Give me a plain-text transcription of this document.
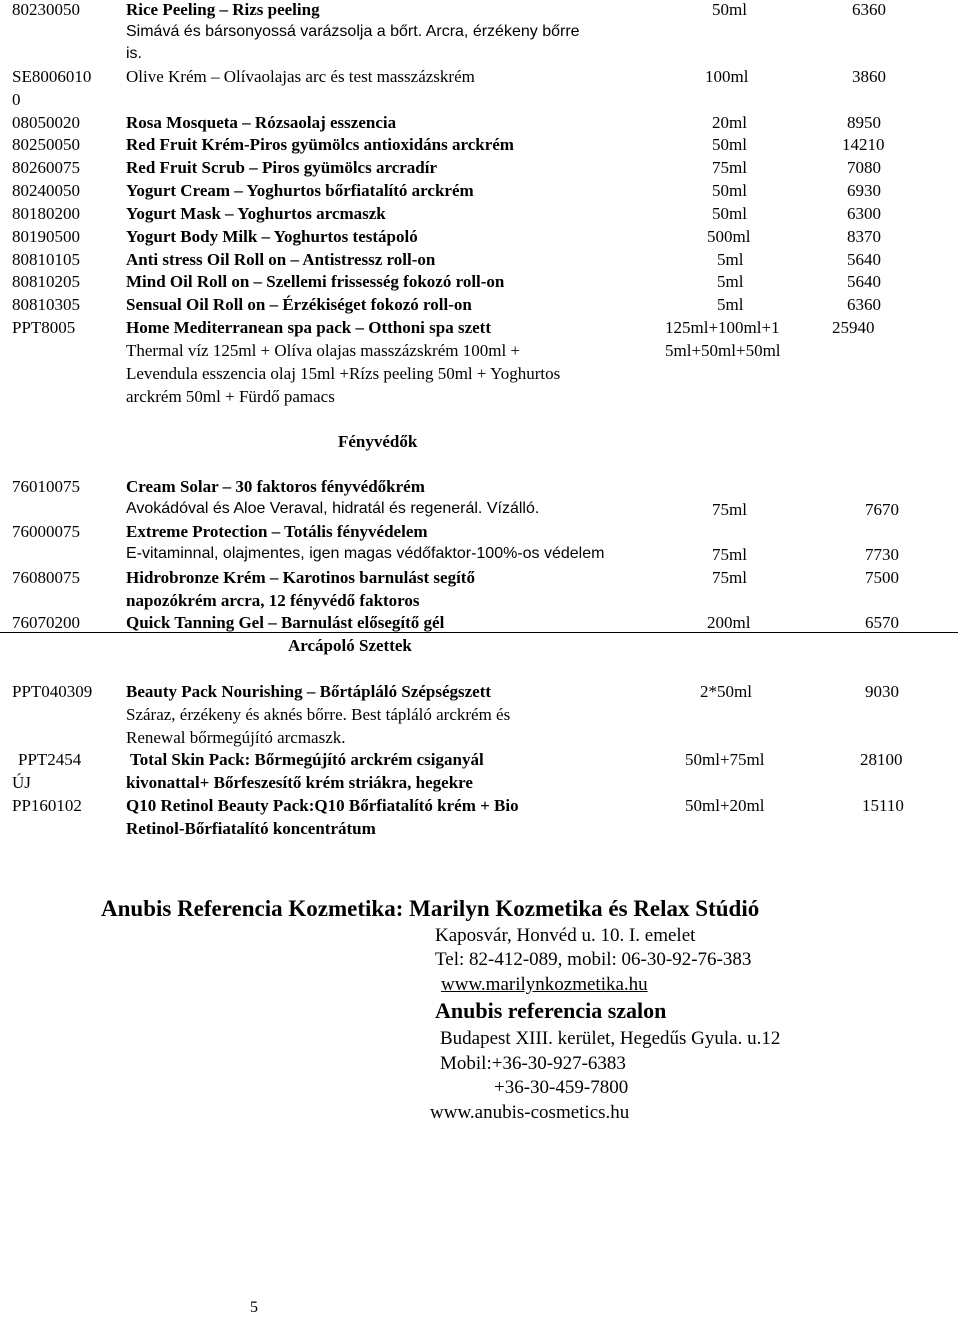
80230050	Rice Peeling – Rizs peeling	50ml	6360
Simává és bársonyossá varázsolja a bőrt. Arcra, érzékeny bőrre
is.
SE8006010 Olive Krém – Olívaolajas arc és test masszázskrém	100ml	3860
0
08050020	Rosa Mosqueta – Rózsaolaj esszencia	20ml	8950
80250050	Red Fruit Krém-Piros gyümölcs antioxidáns arckrém	50ml	14210
80260075	Red Fruit Scrub – Piros gyümölcs arcradír	75ml	7080
80240050	Yogurt Cream – Yoghurtos bőrfiatalító arckrém	50ml	6930
80180200	Yogurt Mask – Yoghurtos arcmaszk	50ml	6300
80190500	Yogurt Body Milk – Yoghurtos testápoló	500ml	8370
80810105	Anti stress Oil Roll on – Antistressz roll-on	5ml	5640
80810205	Mind Oil Roll on – Szellemi frissesség fokozó roll-on	5ml	5640
80810305	Sensual Oil Roll on – Érzékiséget fokozó roll-on	5ml	6360
PPT8005	Home Mediterranean spa pack – Otthoni spa szett	125ml+100ml+1	25940
Thermal víz 125ml + Olíva olajas masszázskrém 100ml +	5ml+50ml+50ml
Levendula esszencia olaj 15ml +Rízs peeling 50ml + Yoghurtos
arckrém 50ml + Fürdő pamacs
Fényvédők
76010075	Cream Solar – 30 faktoros fényvédőkrém
Avokádóval és Aloe Veraval, hidratál és regenerál. Vízálló.	75ml	7670
76000075	Extreme Protection – Totális fényvédelem
E-vitaminnal, olajmentes, igen magas védőfaktor-100%-os védelem	75ml	7730
76080075	Hidrobronze Krém – Karotinos barnulást segítő	75ml	7500
napozókrém arcra, 12 fényvédő faktoros
76070200	Quick Tanning Gel – Barnulást elősegítő gél	200ml	6570
Arcápoló Szettek
PPT040309 Beauty Pack Nourishing – Bőrtápláló Szépségszett	2*50ml	9030
Száraz, érzékeny és aknés bőrre. Best tápláló arckrém és
Renewal bőrmegújító arcmaszk.
PPT2454	Total Skin Pack: Bőrmegújító arckrém csiganyál	50ml+75ml	28100
ÚJ	kivonattal+ Bőrfeszesítő krém striákra, hegekre
PP160102	Q10 Retinol Beauty Pack:Q10 Bőrfiatalító krém + Bio	50ml+20ml	15110
Retinol-Bőrfiatalító koncentrátum
Anubis Referencia Kozmetika: Marilyn Kozmetika és Relax Stúdió
Kaposvár, Honvéd u. 10. I. emelet
Tel: 82-412-089, mobil: 06-30-92-76-383
www.marilynkozmetika.hu
Anubis referencia szalon
Budapest XIII. kerület, Hegedűs Gyula. u.12
Mobil:+36-30-927-6383
+36-30-459-7800
www.anubis-cosmetics.hu
5
